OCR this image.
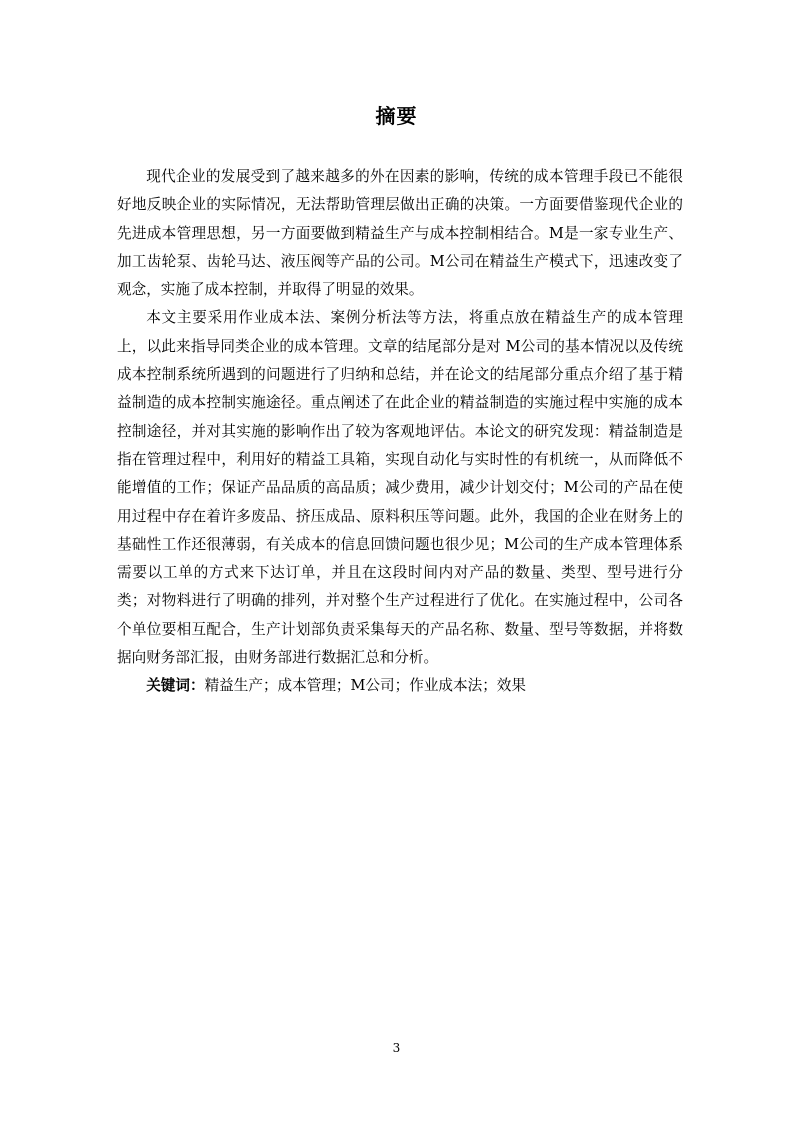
摘要

现代企业的发展受到了越来越多的外在因素的影响，传统的成本管理手段已不能很好地反映企业的实际情况，无法帮助管理层做出正确的决策。一方面要借鉴现代企业的先进成本管理思想，另一方面要做到精益生产与成本控制相结合。M是一家专业生产、加工齿轮泵、齿轮马达、液压阀等产品的公司。M公司在精益生产模式下，迅速改变了观念，实施了成本控制，并取得了明显的效果。

本文主要采用作业成本法、案例分析法等方法，将重点放在精益生产的成本管理上，以此来指导同类企业的成本管理。文章的结尾部分是对 M公司的基本情况以及传统成本控制系统所遇到的问题进行了归纳和总结，并在论文的结尾部分重点介绍了基于精益制造的成本控制实施途径。重点阐述了在此企业的精益制造的实施过程中实施的成本控制途径，并对其实施的影响作出了较为客观地评估。本论文的研究发现：精益制造是指在管理过程中，利用好的精益工具箱，实现自动化与实时性的有机统一，从而降低不能增值的工作；保证产品品质的高品质；减少费用，减少计划交付；M公司的产品在使用过程中存在着许多废品、挤压成品、原料积压等问题。此外，我国的企业在财务上的基础性工作还很薄弱，有关成本的信息回馈问题也很少见；M公司的生产成本管理体系需要以工单的方式来下达订单，并且在这段时间内对产品的数量、类型、型号进行分类；对物料进行了明确的排列，并对整个生产过程进行了优化。在实施过程中，公司各个单位要相互配合，生产计划部负责采集每天的产品名称、数量、型号等数据，并将数据向财务部汇报，由财务部进行数据汇总和分析。

关键词：精益生产；成本管理；M公司；作业成本法；效果

3
